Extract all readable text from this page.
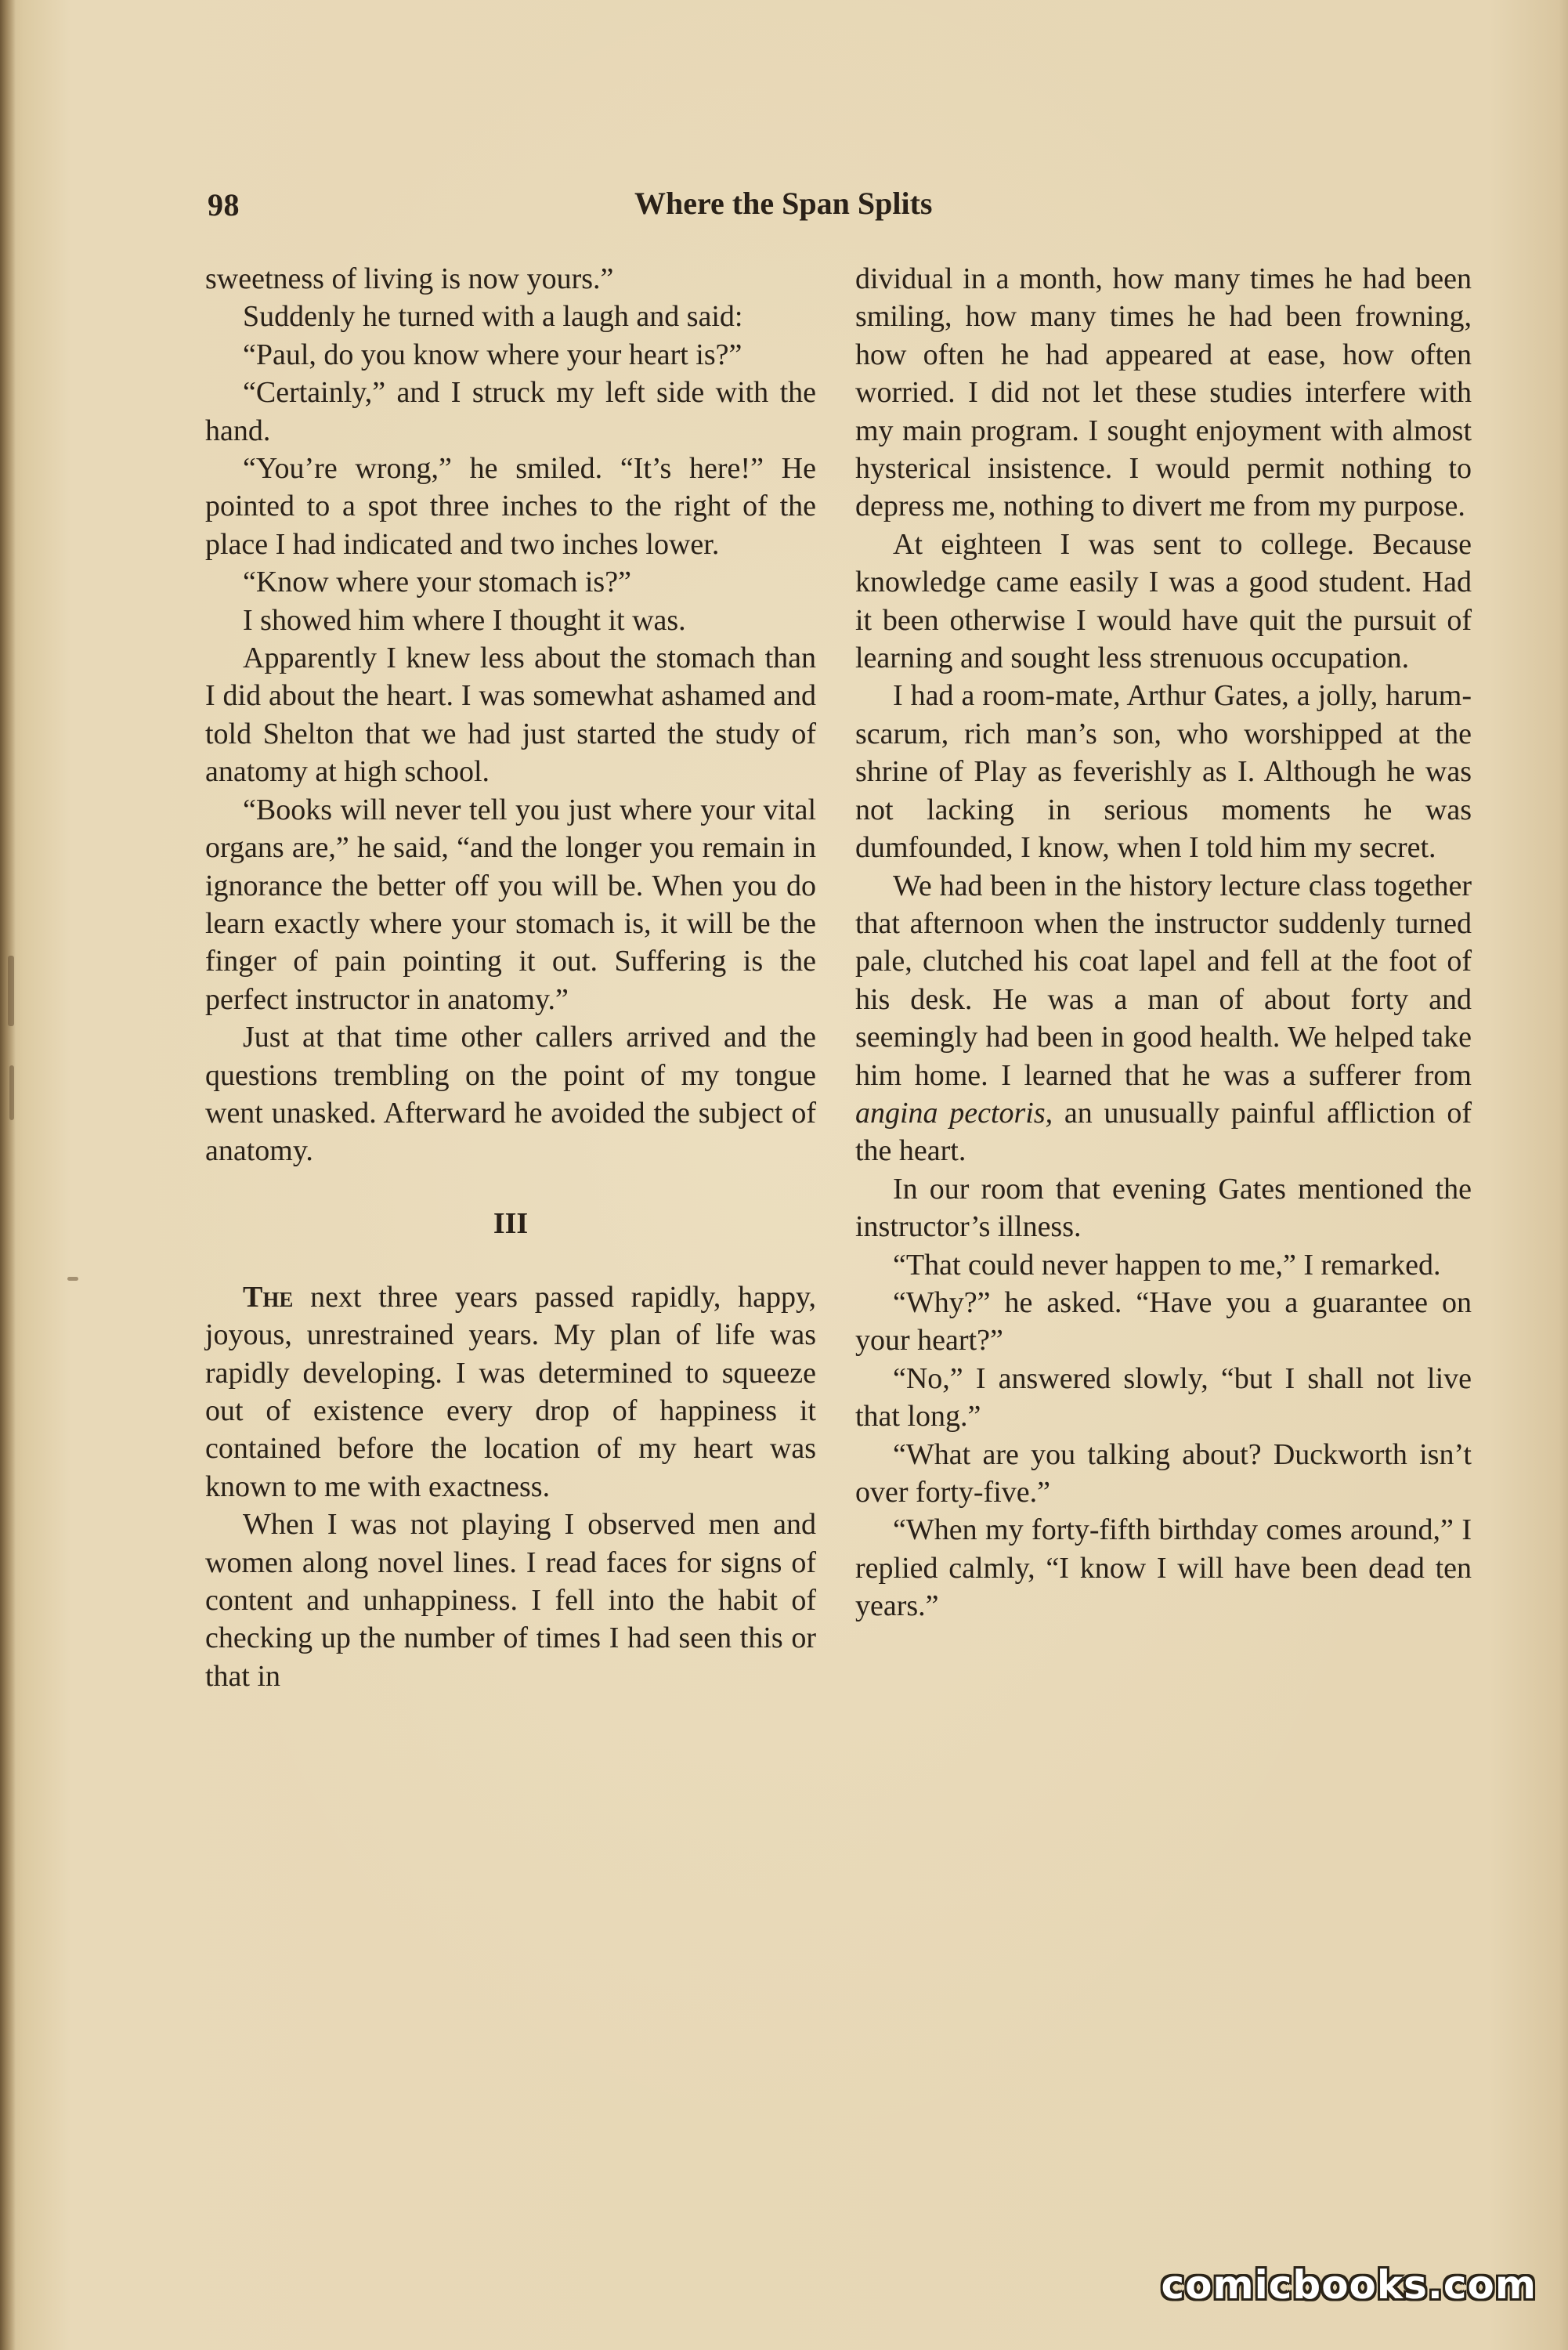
98	Where the Span Splits

sweetness of living is now yours.”

Suddenly he turned with a laugh and said:

“Paul, do you know where your heart is?”

“Certainly,” and I struck my left side with the hand.

“You’re wrong,” he smiled. “It’s here!” He pointed to a spot three inches to the right of the place I had indicated and two inches lower.

“Know where your stomach is?”

I showed him where I thought it was.

Apparently I knew less about the stomach than I did about the heart. I was somewhat ashamed and told Shelton that we had just started the study of anatomy at high school.

“Books will never tell you just where your vital organs are,” he said, “and the longer you remain in ignorance the better off you will be. When you do learn exactly where your stomach is, it will be the finger of pain pointing it out. Suffering is the perfect instructor in anatomy.”

Just at that time other callers arrived and the questions trembling on the point of my tongue went unasked. Afterward he avoided the subject of anatomy.

III

The next three years passed rapidly, happy, joyous, unrestrained years. My plan of life was rapidly developing. I was determined to squeeze out of existence every drop of happiness it contained before the location of my heart was known to me with exactness.

When I was not playing I observed men and women along novel lines. I read faces for signs of content and unhappiness. I fell into the habit of checking up the number of times I had seen this or that in

dividual in a month, how many times he had been smiling, how many times he had been frowning, how often he had appeared at ease, how often worried. I did not let these studies interfere with my main program. I sought enjoyment with almost hysterical insistence. I would permit nothing to depress me, nothing to divert me from my purpose.

At eighteen I was sent to college. Because knowledge came easily I was a good student. Had it been otherwise I would have quit the pursuit of learning and sought less strenuous occupation.

I had a room-mate, Arthur Gates, a jolly, harum-scarum, rich man’s son, who worshipped at the shrine of Play as feverishly as I. Although he was not lacking in serious moments he was dumfounded, I know, when I told him my secret.

We had been in the history lecture class together that afternoon when the instructor suddenly turned pale, clutched his coat lapel and fell at the foot of his desk. He was a man of about forty and seemingly had been in good health. We helped take him home. I learned that he was a sufferer from angina pectoris, an unusually painful affliction of the heart.

In our room that evening Gates mentioned the instructor’s illness.

“That could never happen to me,” I remarked.

“Why?” he asked. “Have you a guarantee on your heart?”

“No,” I answered slowly, “but I shall not live that long.”

“What are you talking about? Duckworth isn’t over forty-five.”

“When my forty-fifth birthday comes around,” I replied calmly, “I know I will have been dead ten years.”

comicbooks.com
